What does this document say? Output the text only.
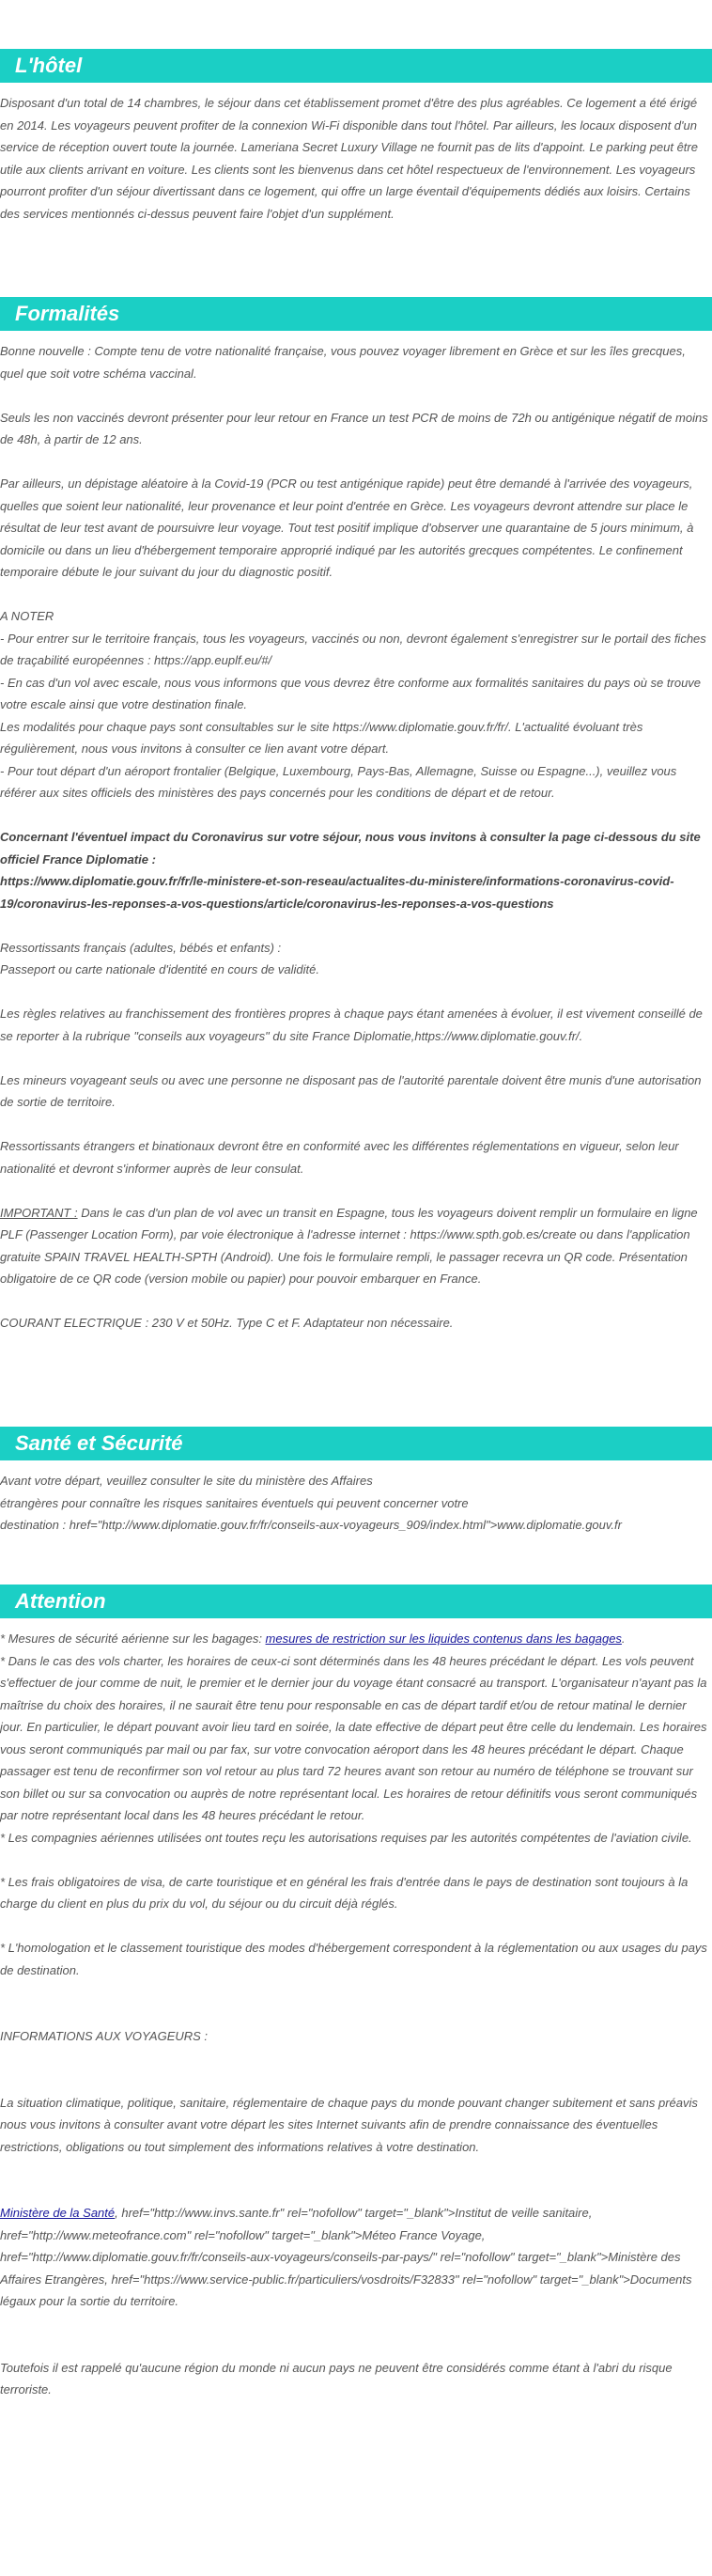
L'hôtel

Disposant d'un total de 14 chambres, le séjour dans cet établissement promet d'être des plus agréables. Ce logement a été érigé en 2014. Les voyageurs peuvent profiter de la connexion Wi-Fi disponible dans tout l'hôtel. Par ailleurs, les locaux disposent d'un service de réception ouvert toute la journée. Lameriana Secret Luxury Village ne fournit pas de lits d'appoint. Le parking peut être utile aux clients arrivant en voiture. Les clients sont les bienvenus dans cet hôtel respectueux de l'environnement. Les voyageurs pourront profiter d'un séjour divertissant dans ce logement, qui offre un large éventail d'équipements dédiés aux loisirs. Certains des services mentionnés ci-dessus peuvent faire l'objet d'un supplément.

Formalités

Bonne nouvelle : Compte tenu de votre nationalité française, vous pouvez voyager librement en Grèce et sur les îles grecques, quel que soit votre schéma vaccinal.

Seuls les non vaccinés devront présenter pour leur retour en France un test PCR de moins de 72h ou antigénique négatif de moins de 48h, à partir de 12 ans.

Par ailleurs, un dépistage aléatoire à la Covid-19 (PCR ou test antigénique rapide) peut être demandé à l'arrivée des voyageurs, quelles que soient leur nationalité, leur provenance et leur point d'entrée en Grèce. Les voyageurs devront attendre sur place le résultat de leur test avant de poursuivre leur voyage. Tout test positif implique d'observer une quarantaine de 5 jours minimum, à domicile ou dans un lieu d'hébergement temporaire approprié indiqué par les autorités grecques compétentes. Le confinement temporaire débute le jour suivant du jour du diagnostic positif.

A NOTER
- Pour entrer sur le territoire français, tous les voyageurs, vaccinés ou non, devront également s'enregistrer sur le portail des fiches de traçabilité européennes : https://app.euplf.eu/#/
- En cas d'un vol avec escale, nous vous informons que vous devrez être conforme aux formalités sanitaires du pays où se trouve votre escale ainsi que votre destination finale.
Les modalités pour chaque pays sont consultables sur le site https://www.diplomatie.gouv.fr/fr/. L'actualité évoluant très régulièrement, nous vous invitons à consulter ce lien avant votre départ.
- Pour tout départ d'un aéroport frontalier (Belgique, Luxembourg, Pays-Bas, Allemagne, Suisse ou Espagne...), veuillez vous référer aux sites officiels des ministères des pays concernés pour les conditions de départ et de retour.

Concernant l'éventuel impact du Coronavirus sur votre séjour, nous vous invitons à consulter la page ci-dessous du site officiel France Diplomatie :
https://www.diplomatie.gouv.fr/fr/le-ministere-et-son-reseau/actualites-du-ministere/informations-coronavirus-covid-19/coronavirus-les-reponses-a-vos-questions/article/coronavirus-les-reponses-a-vos-questions

Ressortissants français (adultes, bébés et enfants) :
Passeport ou carte nationale d'identité en cours de validité.

Les règles relatives au franchissement des frontières propres à chaque pays étant amenées à évoluer, il est vivement conseillé de se reporter à la rubrique "conseils aux voyageurs" du site France Diplomatie,https://www.diplomatie.gouv.fr/.

Les mineurs voyageant seuls ou avec une personne ne disposant pas de l'autorité parentale doivent être munis d'une autorisation de sortie de territoire.

Ressortissants étrangers et binationaux devront être en conformité avec les différentes réglementations en vigueur, selon leur nationalité et devront s'informer auprès de leur consulat.

IMPORTANT : Dans le cas d'un plan de vol avec un transit en Espagne, tous les voyageurs doivent remplir un formulaire en ligne PLF (Passenger Location Form), par voie électronique à l'adresse internet : https://www.spth.gob.es/create ou dans l'application gratuite SPAIN TRAVEL HEALTH-SPTH (Android). Une fois le formulaire rempli, le passager recevra un QR code. Présentation obligatoire de ce QR code (version mobile ou papier) pour pouvoir embarquer en France.

COURANT ELECTRIQUE : 230 V et 50Hz. Type C et F. Adaptateur non nécessaire.

Santé et Sécurité

Avant votre départ, veuillez consulter le site du ministère des Affaires
étrangères pour connaître les risques sanitaires éventuels qui peuvent concerner votre
destination : href="http://www.diplomatie.gouv.fr/fr/conseils-aux-voyageurs_909/index.html">www.diplomatie.gouv.fr

Attention

* Mesures de sécurité aérienne sur les bagages: mesures de restriction sur les liquides contenus dans les bagages.

* Dans le cas des vols charter, les horaires de ceux-ci sont déterminés dans les 48 heures précédant le départ. Les vols peuvent s'effectuer de jour comme de nuit, le premier et le dernier jour du voyage étant consacré au transport. L'organisateur n'ayant pas la maîtrise du choix des horaires, il ne saurait être tenu pour responsable en cas de départ tardif et/ou de retour matinal le dernier jour. En particulier, le départ pouvant avoir lieu tard en soirée, la date effective de départ peut être celle du lendemain. Les horaires vous seront communiqués par mail ou par fax, sur votre convocation aéroport dans les 48 heures précédant le départ. Chaque passager est tenu de reconfirmer son vol retour au plus tard 72 heures avant son retour au numéro de téléphone se trouvant sur son billet ou sur sa convocation ou auprès de notre représentant local. Les horaires de retour définitifs vous seront communiqués par notre représentant local dans les 48 heures précédant le retour.
* Les compagnies aériennes utilisées ont toutes reçu les autorisations requises par les autorités compétentes de l'aviation civile.

* Les frais obligatoires de visa, de carte touristique et en général les frais d'entrée dans le pays de destination sont toujours à la charge du client en plus du prix du vol, du séjour ou du circuit déjà réglés.

* L'homologation et le classement touristique des modes d'hébergement correspondent à la réglementation ou aux usages du pays de destination.

INFORMATIONS AUX VOYAGEURS :

La situation climatique, politique, sanitaire, réglementaire de chaque pays du monde pouvant changer subitement et sans préavis
nous vous invitons à consulter avant votre départ les sites Internet suivants afin de prendre connaissance des éventuelles restrictions, obligations ou tout simplement des informations relatives à votre destination.

Ministère de la Santé, href="http://www.invs.sante.fr" rel="nofollow" target="_blank">Institut de veille sanitaire, href="http://www.meteofrance.com" rel="nofollow" target="_blank">Méteo France Voyage, href="http://www.diplomatie.gouv.fr/fr/conseils-aux-voyageurs/conseils-par-pays/" rel="nofollow" target="_blank">Ministère des Affaires Etrangères, href="https://www.service-public.fr/particuliers/vosdroits/F32833" rel="nofollow" target="_blank">Documents légaux pour la sortie du territoire.

Toutefois il est rappelé qu'aucune région du monde ni aucun pays ne peuvent être considérés comme étant à l'abri du risque terroriste.
